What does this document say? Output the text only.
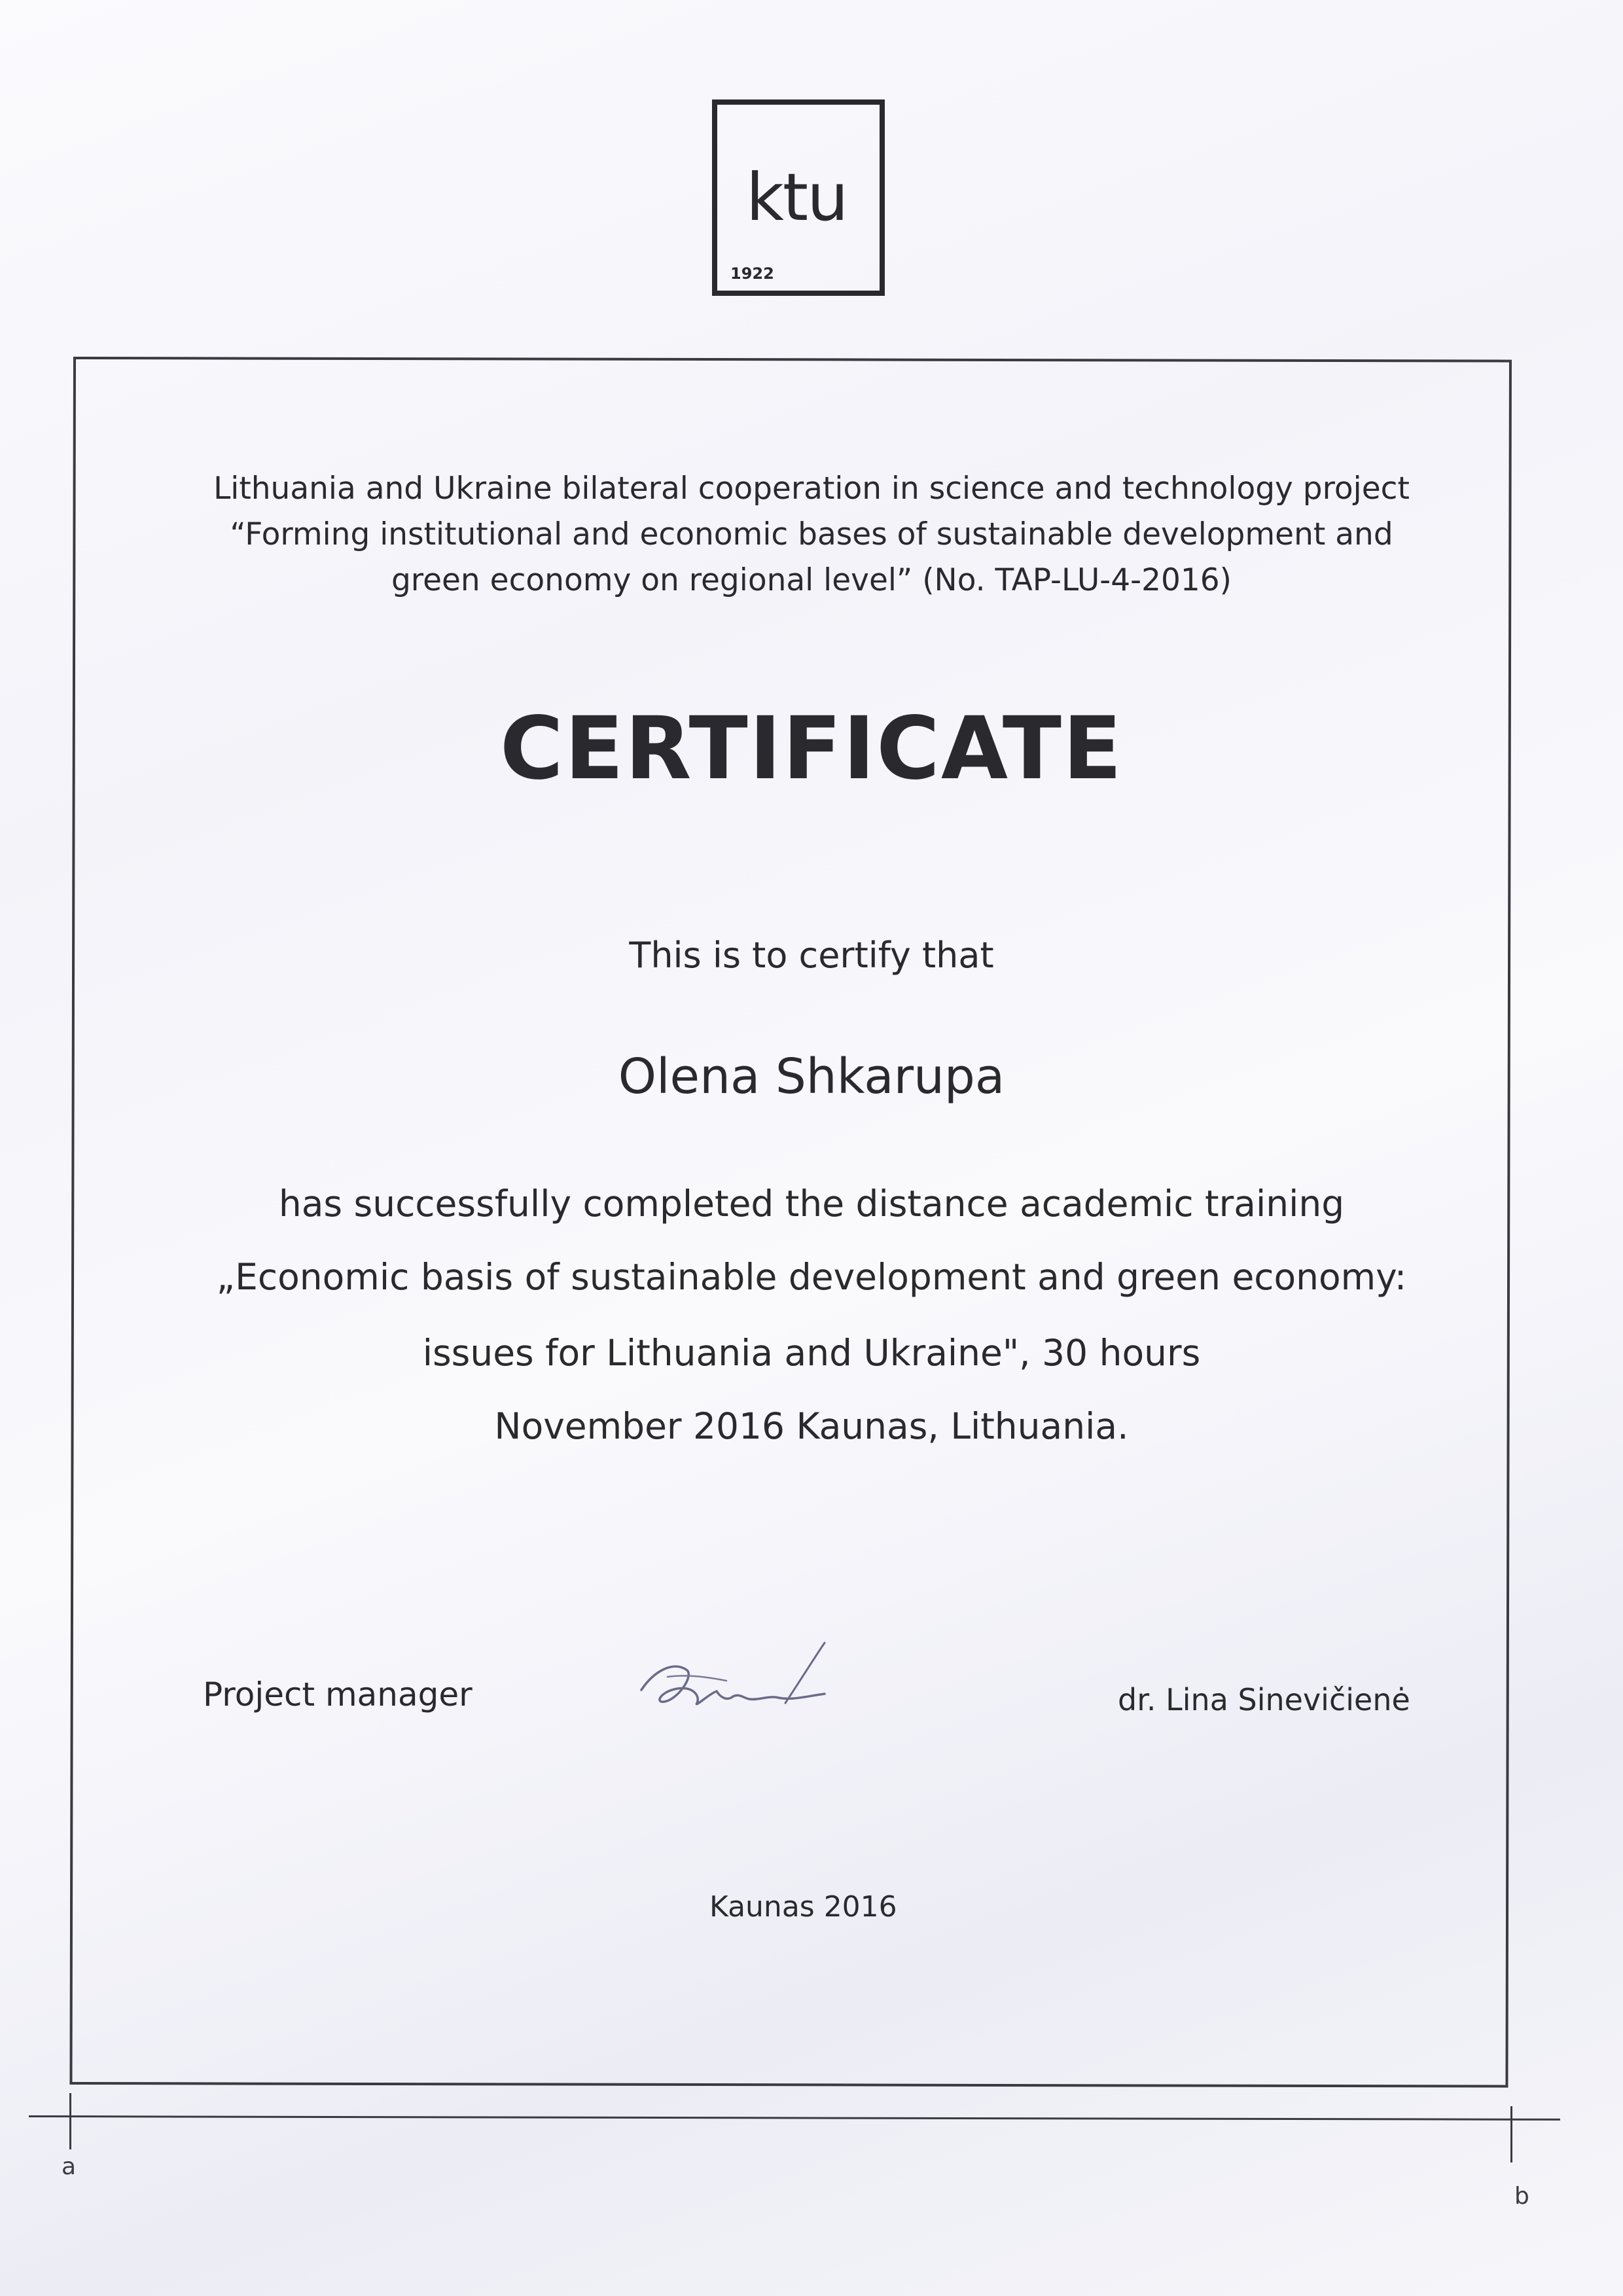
ktu
1922
Lithuania and Ukraine bilateral cooperation in science and technology project
“Forming institutional and economic bases of sustainable development and
green economy on regional level” (No. TAP-LU-4-2016)
CERTIFICATE
This is to certify that
Olena Shkarupa
has successfully completed the distance academic training
„Economic basis of sustainable development and green economy:
issues for Lithuania and Ukraine", 30 hours
November 2016 Kaunas, Lithuania.
Project manager	dr. Lina Sinevičienė
Kaunas 2016
a
b
